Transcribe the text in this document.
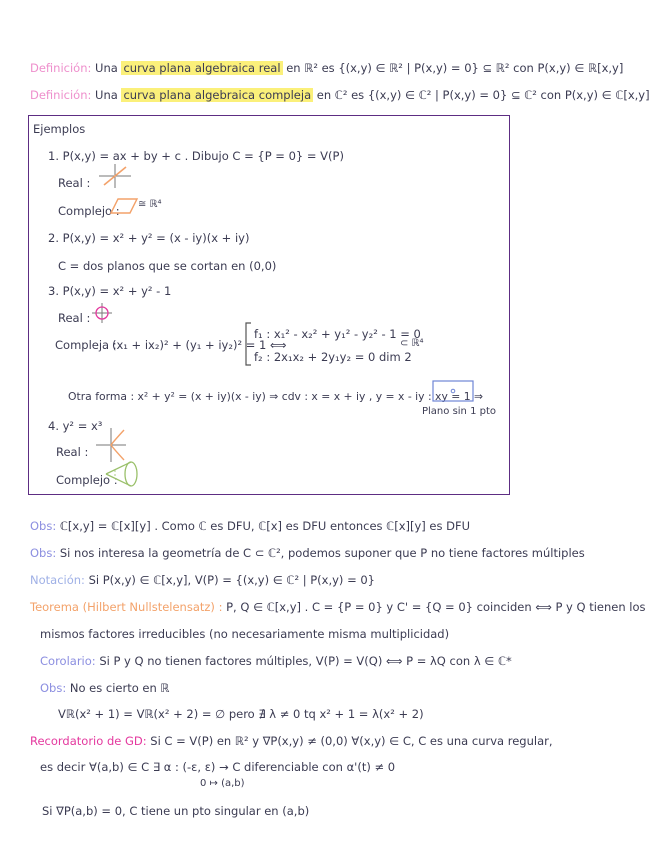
Definición: Una curva plana algebraica real en ℝ² es {(x,y) ∈ ℝ² | P(x,y) = 0} ⊆ ℝ² con P(x,y) ∈ ℝ[x,y]
Definición: Una curva plana algebraica compleja en ℂ² es {(x,y) ∈ ℂ² | P(x,y) = 0} ⊆ ℂ² con P(x,y) ∈ ℂ[x,y]
Ejemplos
1. P(x,y) = ax + by + c . Dibujo C = {P = 0} = V(P)
Real :
Complejo : ≅ ℝ⁴
2. P(x,y) = x² + y² = (x - iy)(x + iy)
C = dos planos que se cortan en (0,0)
3. P(x,y) = x² + y² - 1
Real :
Compleja :
(x₁ + ix₂)² + (y₁ + iy₂)² = 1 ⟺
f₁ : x₁² - x₂² + y₁² - y₂² - 1 = 0
f₂ : 2x₁x₂ + 2y₁y₂ = 0 dim 2
⊂ ℝ⁴
Otra forma : x² + y² = (x + iy)(x - iy) ⇒ cdv : x = x + iy , y = x - iy : xy = 1 ⇒
Plano sin 1 pto
4. y² = x³
Real :
Complejo :
Obs: ℂ[x,y] = ℂ[x][y] . Como ℂ es DFU, ℂ[x] es DFU entonces ℂ[x][y] es DFU
Obs: Si nos interesa la geometría de C ⊂ ℂ², podemos suponer que P no tiene factores múltiples
Notación: Si P(x,y) ∈ ℂ[x,y], V(P) = {(x,y) ∈ ℂ² | P(x,y) = 0}
Teorema (Hilbert Nullstelensatz) : P, Q ∈ ℂ[x,y] . C = {P = 0} y C' = {Q = 0} coinciden ⟺ P y Q tienen los
mismos factores irreducibles (no necesariamente misma multiplicidad)
Corolario: Si P y Q no tienen factores múltiples, V(P) = V(Q) ⟺ P = λQ con λ ∈ ℂ*
Obs: No es cierto en ℝ
Vℝ(x² + 1) = Vℝ(x² + 2) = ∅ pero ∄ λ ≠ 0 tq x² + 1 = λ(x² + 2)
Recordatorio de GD: Si C = V(P) en ℝ² y ∇P(x,y) ≠ (0,0) ∀(x,y) ∈ C, C es una curva regular,
es decir ∀(a,b) ∈ C ∃ α : (-ε, ε) → C diferenciable con α'(t) ≠ 0
0 ↦ (a,b)
Si ∇P(a,b) = 0, C tiene un pto singular en (a,b)
